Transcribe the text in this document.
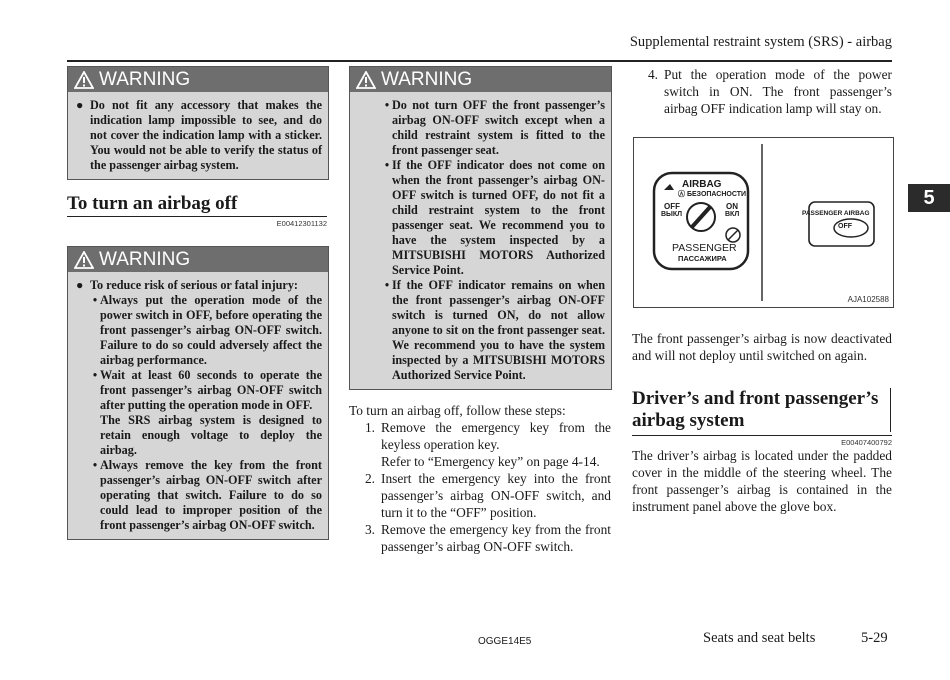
Supplemental restraint system (SRS) - airbag
5
WARNING
● Do not fit any accessory that makes the indication lamp impossible to see, and do not cover the indication lamp with a sticker. You would not be able to verify the status of the passenger airbag system.
To turn an airbag off
E00412301132
WARNING
● To reduce risk of serious or fatal injury:
• Always put the operation mode of the power switch in OFF, before operating the front passenger’s airbag ON-OFF switch. Failure to do so could adversely affect the airbag performance.
• Wait at least 60 seconds to operate the front passenger’s airbag ON-OFF switch after putting the operation mode in OFF.
The SRS airbag system is designed to retain enough voltage to deploy the airbag.
• Always remove the key from the front passenger’s airbag ON-OFF switch after operating that switch. Failure to do so could lead to improper position of the front passenger’s airbag ON-OFF switch.
WARNING
• Do not turn OFF the front passenger’s airbag ON-OFF switch except when a child restraint system is fitted to the front passenger seat.
• If the OFF indicator does not come on when the front passenger’s airbag ON-OFF switch is turned OFF, do not fit a child restraint system to the front passenger seat. We recommend you to have the system inspected by a MITSUBISHI MOTORS Authorized Service Point.
• If the OFF indicator remains on when the front passenger’s airbag ON-OFF switch is turned ON, do not allow anyone to sit on the front passenger seat. We recommend you to have the system inspected by a MITSUBISHI MOTORS Authorized Service Point.
To turn an airbag off, follow these steps:
1. Remove the emergency key from the keyless operation key.
Refer to “Emergency key” on page 4-14.
2. Insert the emergency key into the front passenger’s airbag ON-OFF switch, and turn it to the “OFF” position.
3. Remove the emergency key from the front passenger’s airbag ON-OFF switch.
4. Put the operation mode of the power switch in ON. The front passenger’s airbag OFF indication lamp will stay on.
AIRBAG
Ⓐ БЕЗОПАСНОСТИ
OFF
ВЫКЛ
ON
ВКЛ
PASSENGER
ПАССАЖИРА
PASSENGER AIRBAG
OFF
AJA102588
The front passenger’s airbag is now deactivated and will not deploy until switched on again.
Driver’s and front passenger’s airbag system
E00407400792
The driver’s airbag is located under the padded cover in the middle of the steering wheel. The front passenger’s airbag is contained in the instrument panel above the glove box.
OGGE14E5	Seats and seat belts	5-29
